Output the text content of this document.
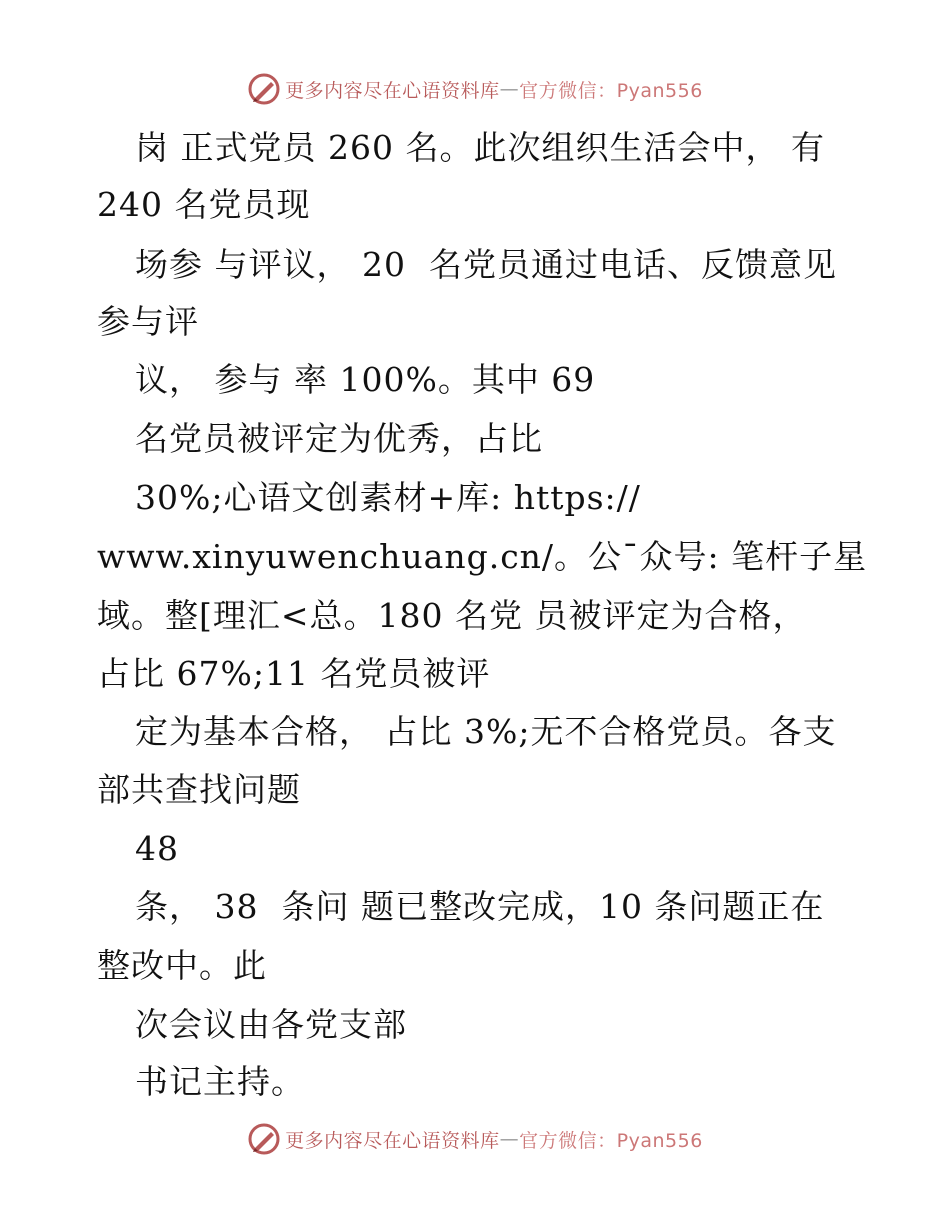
更多内容尽在心语资料库 — 官方微信：Pyan556
岗 正式党员 260 名。此次组织生活会中， 有
240 名党员现
场参 与评议， 20  名党员通过电话、反馈意见
参与评
议， 参与 率 100%。其中 69
名党员被评定为优秀，占比
30%;心语文创素材+库: https://
www.xinyuwenchuang.cn/。公¯众号: 笔杆子星
域。整[理汇<总。180 名党 员被评定为合格，
占比 67%;11 名党员被评
定为基本合格， 占比 3%;无不合格党员。各支
部共查找问题
48
条， 38  条问 题已整改完成，10 条问题正在
整改中。此
次会议由各党支部
书记主持。
更多内容尽在心语资料库 — 官方微信：Pyan556
